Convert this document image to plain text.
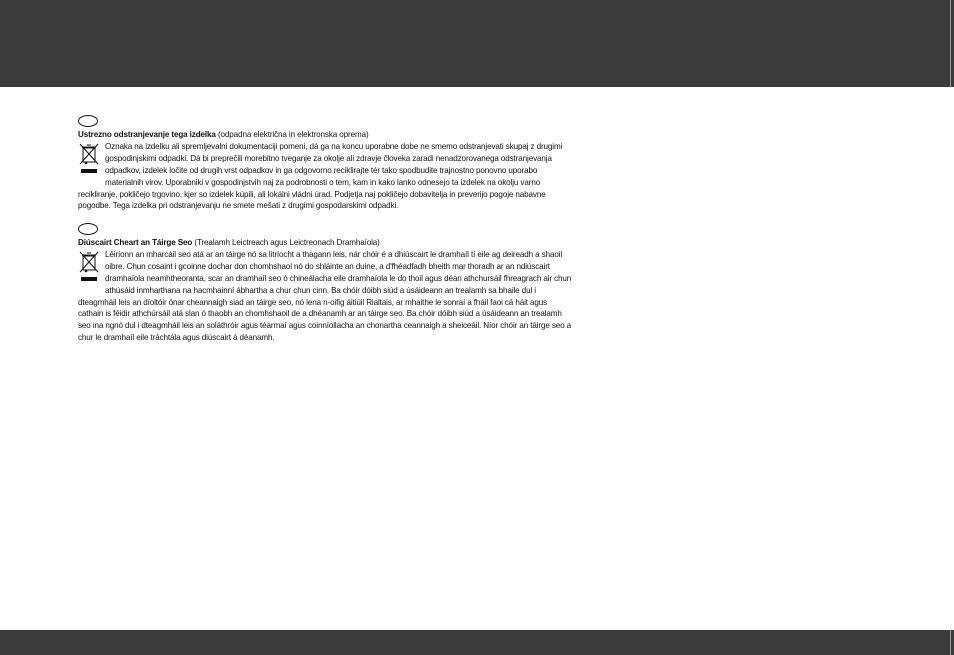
Ustrezno odstranjevanje tega izdelka (odpadna električna in elektronska oprema)
Oznaka na izdelku ali spremljevalni dokumentaciji pomeni, dá ga na koncu uporabne dobe ne smemo odstranjevati skupaj z drugimi gospodinjskimi odpadki. Dá bi preprečili morebitno tveganje za okolje ali zdravje človeka zaradi nenadzorovanega odstranjevanja odpadkov, izdelek ločite od drugih vrst odpadkov in ga odgovorno reciklirajte tér tako spodbudite trajnostno ponovno uporabo materialnih virov. Uporabniki v gospodinjstvih naj za podrobnosti o tem, kam in kako lanko odnesejo ta izdelek na okolju varno recikliranje, pokličejo trgovino, kjer so izdelek kúpili, ali lokálni vládni úrad. Podjetja naj pokličejo dobavitelja in preverijo pogoje nabavne pogodbe. Tega izdelka pri odstranjevanju ne smete mešati z drugimi gospodarskimi odpadki.
Diúscairt Cheart an Táirge Seo (Trealamh Leictreach agus Leictreonach Dramhaíola)
Léiríonn an mharcáil seo atá ar an táirge nó sa litríocht a thagann leis, nár chóir é a dhiúscairt le dramhaíl tí eile ag deireadh a shaoil oibre. Chun cosaint i gcoinne dochar don chomhshaol nó do shláinte an duine, a d'fhéadfadh bheith mar thoradh ar an ndiúscairt dramhaíola neamhtheoranta, scar an dramhaíl seo ó chineálacha eile dramhaíola le do thoil agus déan athchursáil fhreagrach air chun athúsáid inmharthana na hacmhainní ábhartha a chur chun cinn. Ba chóir dóibh siúd a úsáideann an trealamh sa bhaile dul i dteagmháil leis an díoltóir ónar cheannaigh siad an táirge seo, nó lena n-oifig áitiúil Rialtais, ar mhaithe le sonraí a fháil faoi cá háit agus cathain is féidir athchúrsáil atá slan ó thaobh an chomhshaoil de a dhéanamh ar an táirge seo. Ba chóir dóibh siúd a úsáideann an trealamh seo ina ngnó dul i dteagmháil leis an soláthróir agus téarmaí agus coinníollacha an chonartha ceannaigh a sheiceáil. Níor chóir an táirge seo a chur le dramhaíl eile tráchtála agus diúscairt á déanamh.
